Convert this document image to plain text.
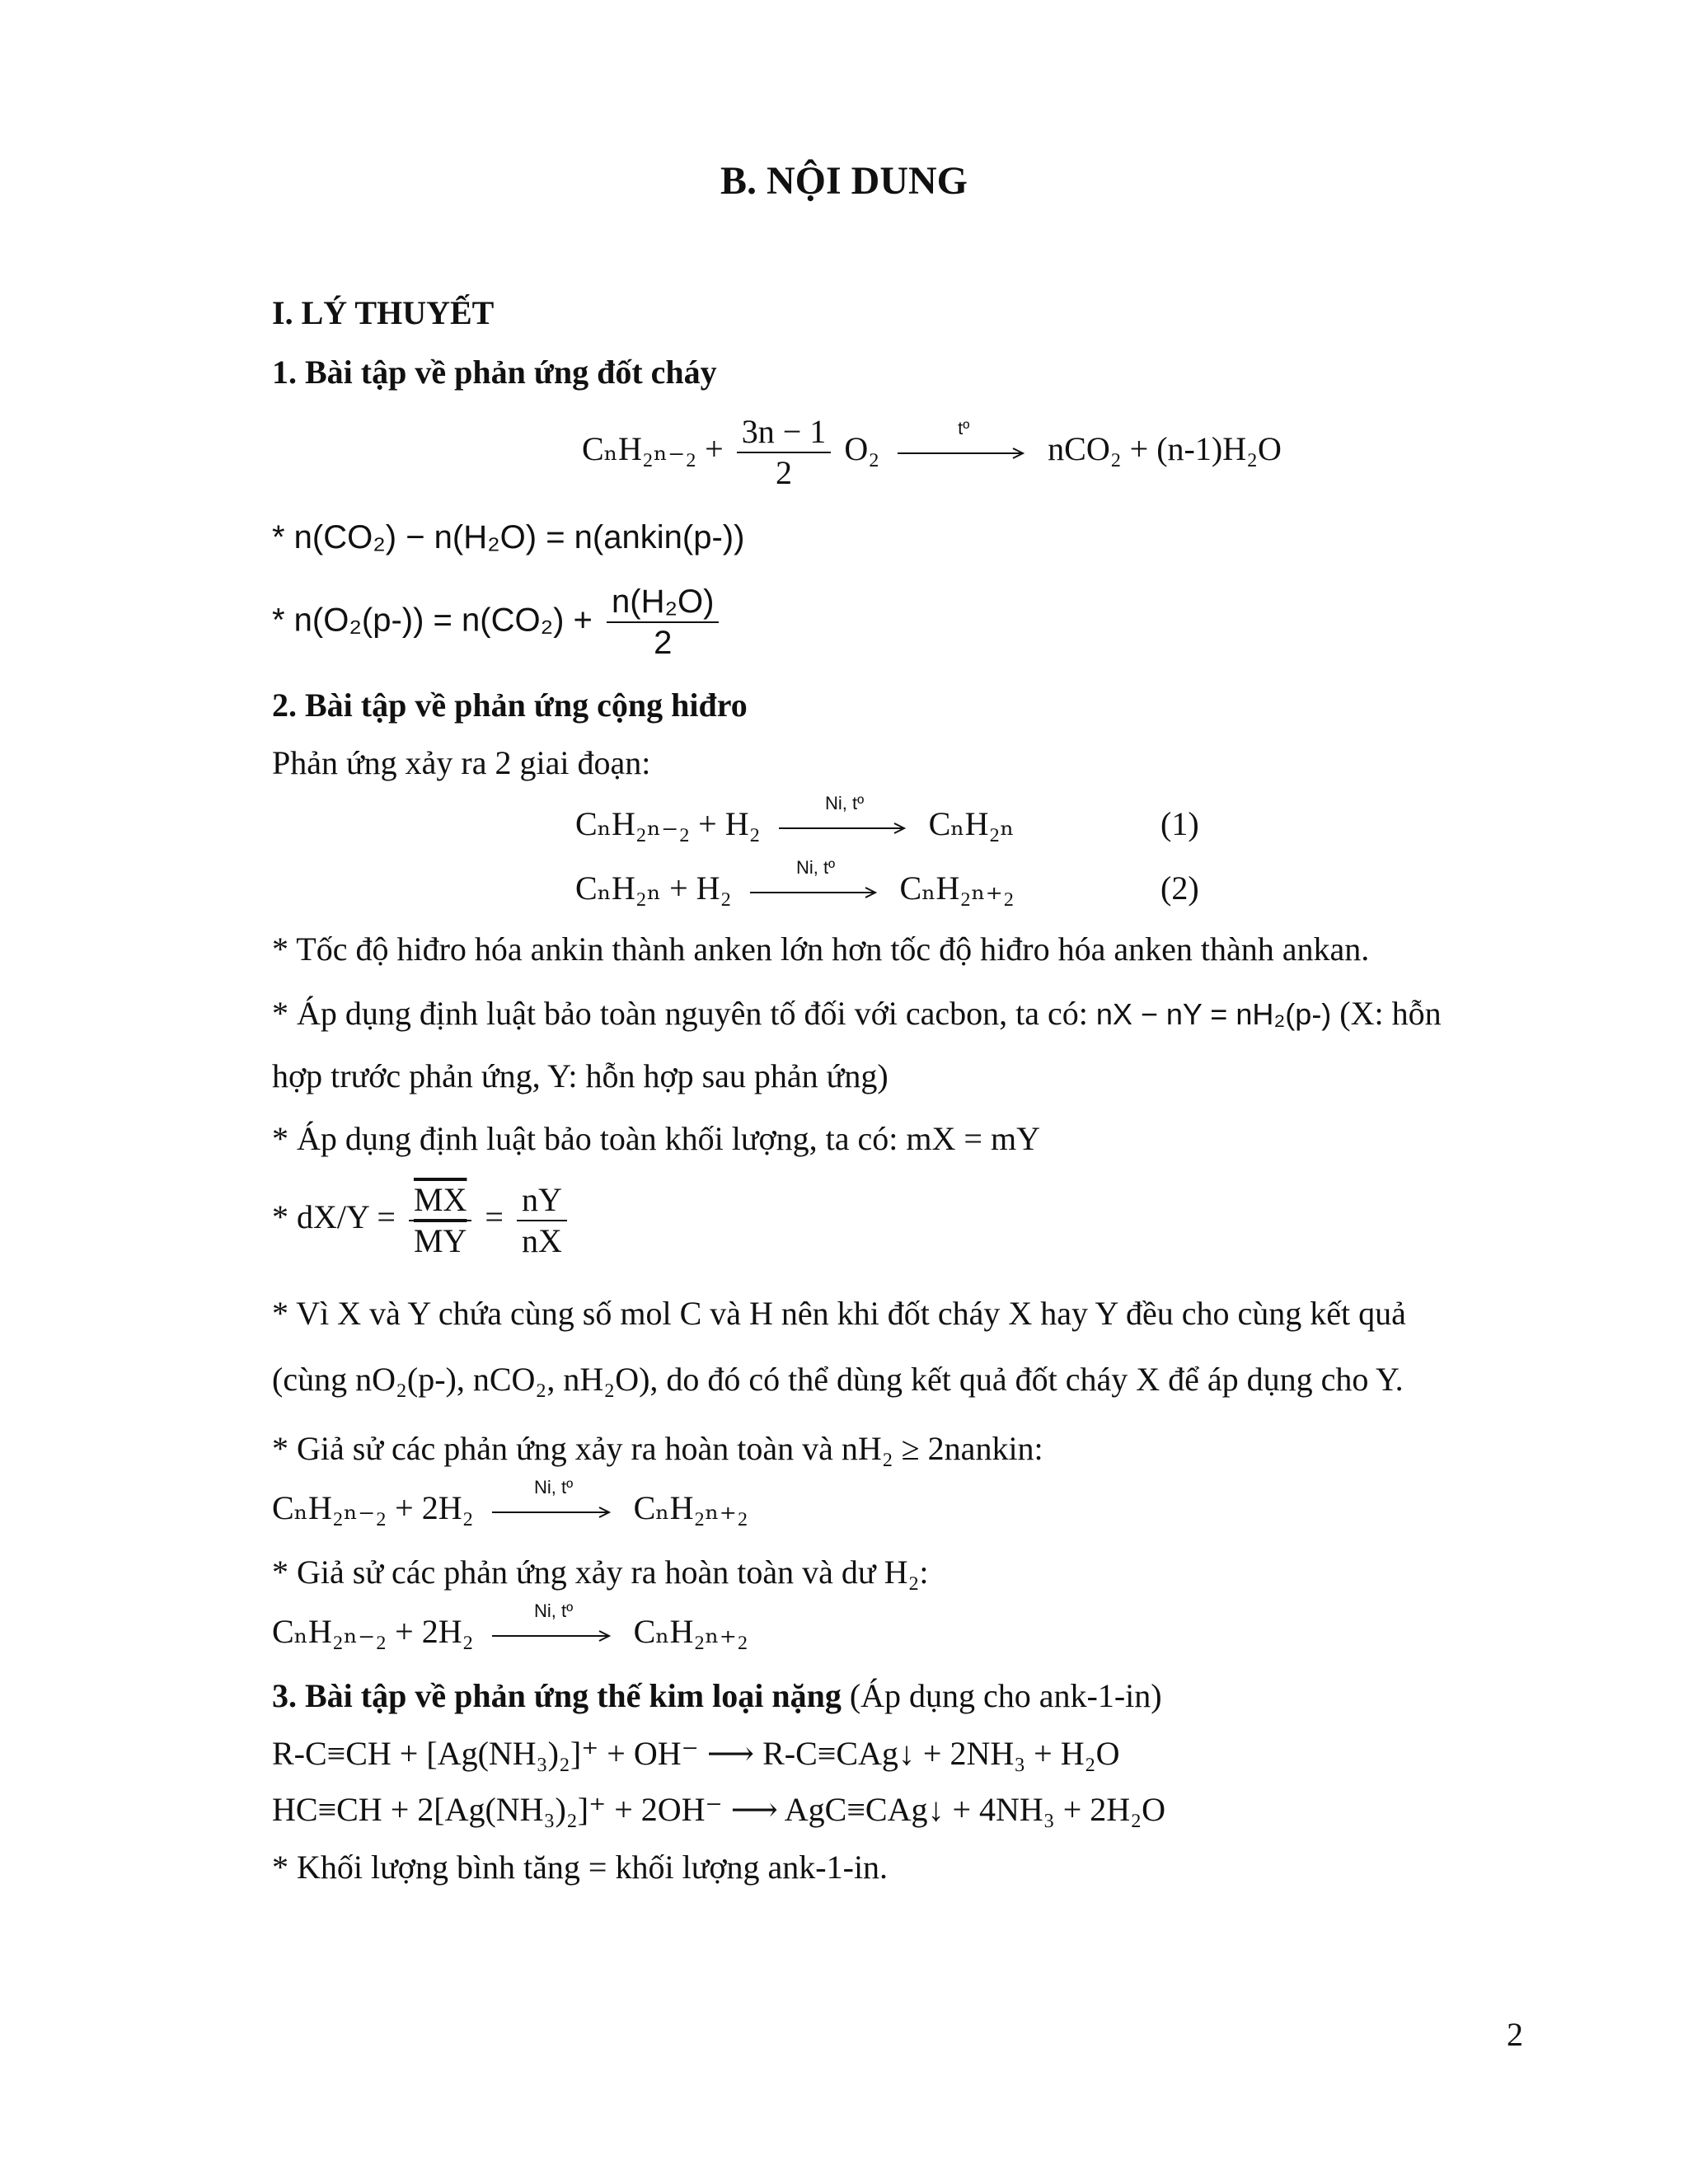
B. NỘI DUNG
I. LÝ THUYẾT
1. Bài tập về phản ứng đốt cháy
$C_nH_{2n-2} + \frac{3n - 1}{2} O_2$
tº
nCO₂ + (n-1)H₂O
* n(CO₂) − n(H₂O) = n(ankin(p-))
* $n(O_2(p-)) = n(CO_2) + \frac{\text{n(H₂O)}}{2}$
2. Bài tập về phản ứng cộng hiđro
Phản ứng xảy ra 2 giai đoạn:
CₙH₂ₙ₋₂ + H₂
Ni, tº
CₙH₂ₙ	(1)
CₙH₂ₙ + H₂
Ni, tº
CₙH₂ₙ₊₂	(2)
* Tốc độ hiđro hóa ankin thành anken lớn hơn tốc độ hiđro hóa anken thành ankan.
* Áp dụng định luật bảo toàn nguyên tố đối với cacbon, ta có: nX − nY = nH₂(p-) (X: hỗn
hợp trước phản ứng, Y: hỗn hợp sau phản ứng)
* Áp dụng định luật bảo toàn khối lượng, ta có: mX = mY
* $dX/Y = \frac{\overline{MX}}{MY} = \frac{nY}{nX}$
* Vì X và Y chứa cùng số mol C và H nên khi đốt cháy X hay Y đều cho cùng kết quả
(cùng nO₂(p-), nCO₂, nH₂O), do đó có thể dùng kết quả đốt cháy X để áp dụng cho Y.
* Giả sử các phản ứng xảy ra hoàn toàn và nH₂ ≥ 2nankin:
CₙH₂ₙ₋₂ + 2H₂
Ni, tº
CₙH₂ₙ₊₂
* Giả sử các phản ứng xảy ra hoàn toàn và dư H₂:
CₙH₂ₙ₋₂ + 2H₂
Ni, tº
CₙH₂ₙ₊₂
3. Bài tập về phản ứng thế kim loại nặng (Áp dụng cho ank-1-in)
R-C≡CH + [Ag(NH₃)₂]⁺ + OH⁻ ⟶ R-C≡CAg↓ + 2NH₃ + H₂O
HC≡CH + 2[Ag(NH₃)₂]⁺ + 2OH⁻ ⟶ AgC≡CAg↓ + 4NH₃ + 2H₂O
* Khối lượng bình tăng = khối lượng ank-1-in.
2
